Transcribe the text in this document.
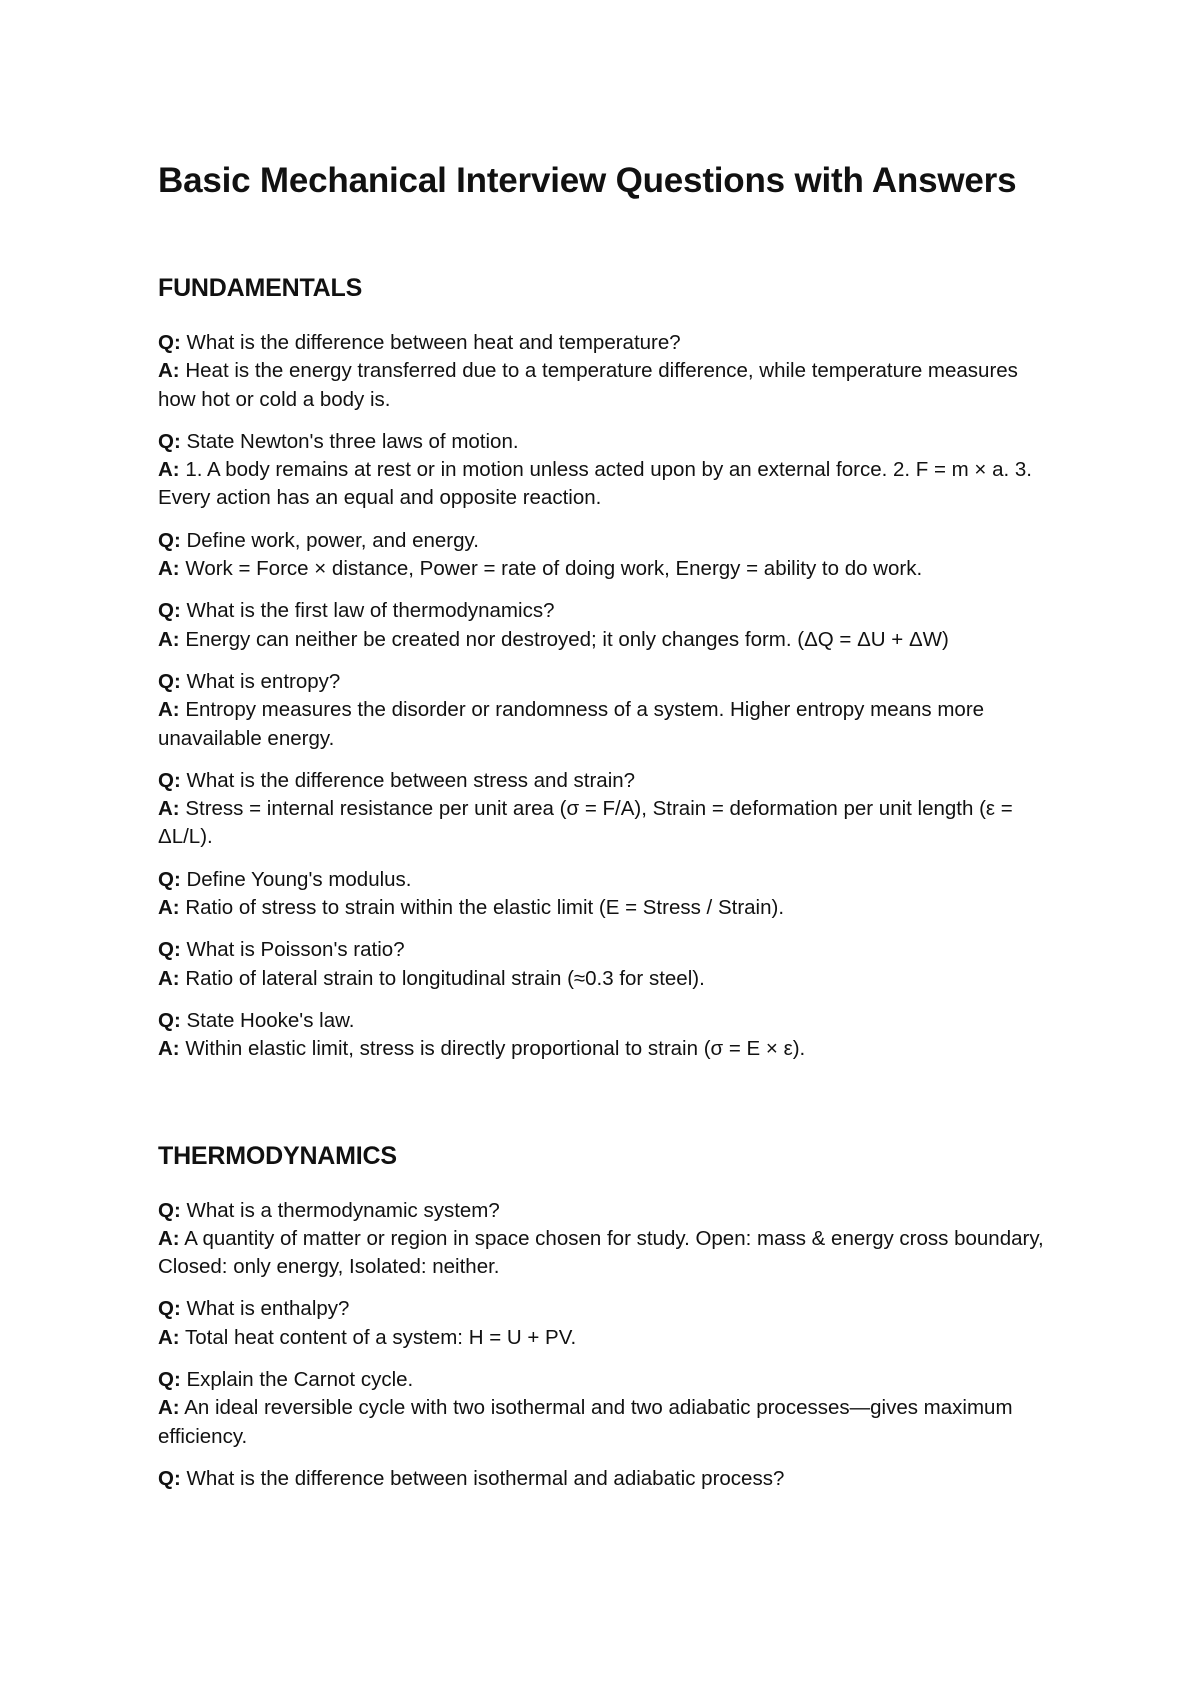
Basic Mechanical Interview Questions with Answers
FUNDAMENTALS
Q: What is the difference between heat and temperature?
A: Heat is the energy transferred due to a temperature difference, while temperature measures how hot or cold a body is.
Q: State Newton's three laws of motion.
A: 1. A body remains at rest or in motion unless acted upon by an external force. 2. F = m × a. 3. Every action has an equal and opposite reaction.
Q: Define work, power, and energy.
A: Work = Force × distance, Power = rate of doing work, Energy = ability to do work.
Q: What is the first law of thermodynamics?
A: Energy can neither be created nor destroyed; it only changes form. (ΔQ = ΔU + ΔW)
Q: What is entropy?
A: Entropy measures the disorder or randomness of a system. Higher entropy means more unavailable energy.
Q: What is the difference between stress and strain?
A: Stress = internal resistance per unit area (σ = F/A), Strain = deformation per unit length (ε = ΔL/L).
Q: Define Young's modulus.
A: Ratio of stress to strain within the elastic limit (E = Stress / Strain).
Q: What is Poisson's ratio?
A: Ratio of lateral strain to longitudinal strain (≈0.3 for steel).
Q: State Hooke's law.
A: Within elastic limit, stress is directly proportional to strain (σ = E × ε).
THERMODYNAMICS
Q: What is a thermodynamic system?
A: A quantity of matter or region in space chosen for study. Open: mass & energy cross boundary, Closed: only energy, Isolated: neither.
Q: What is enthalpy?
A: Total heat content of a system: H = U + PV.
Q: Explain the Carnot cycle.
A: An ideal reversible cycle with two isothermal and two adiabatic processes—gives maximum efficiency.
Q: What is the difference between isothermal and adiabatic process?
